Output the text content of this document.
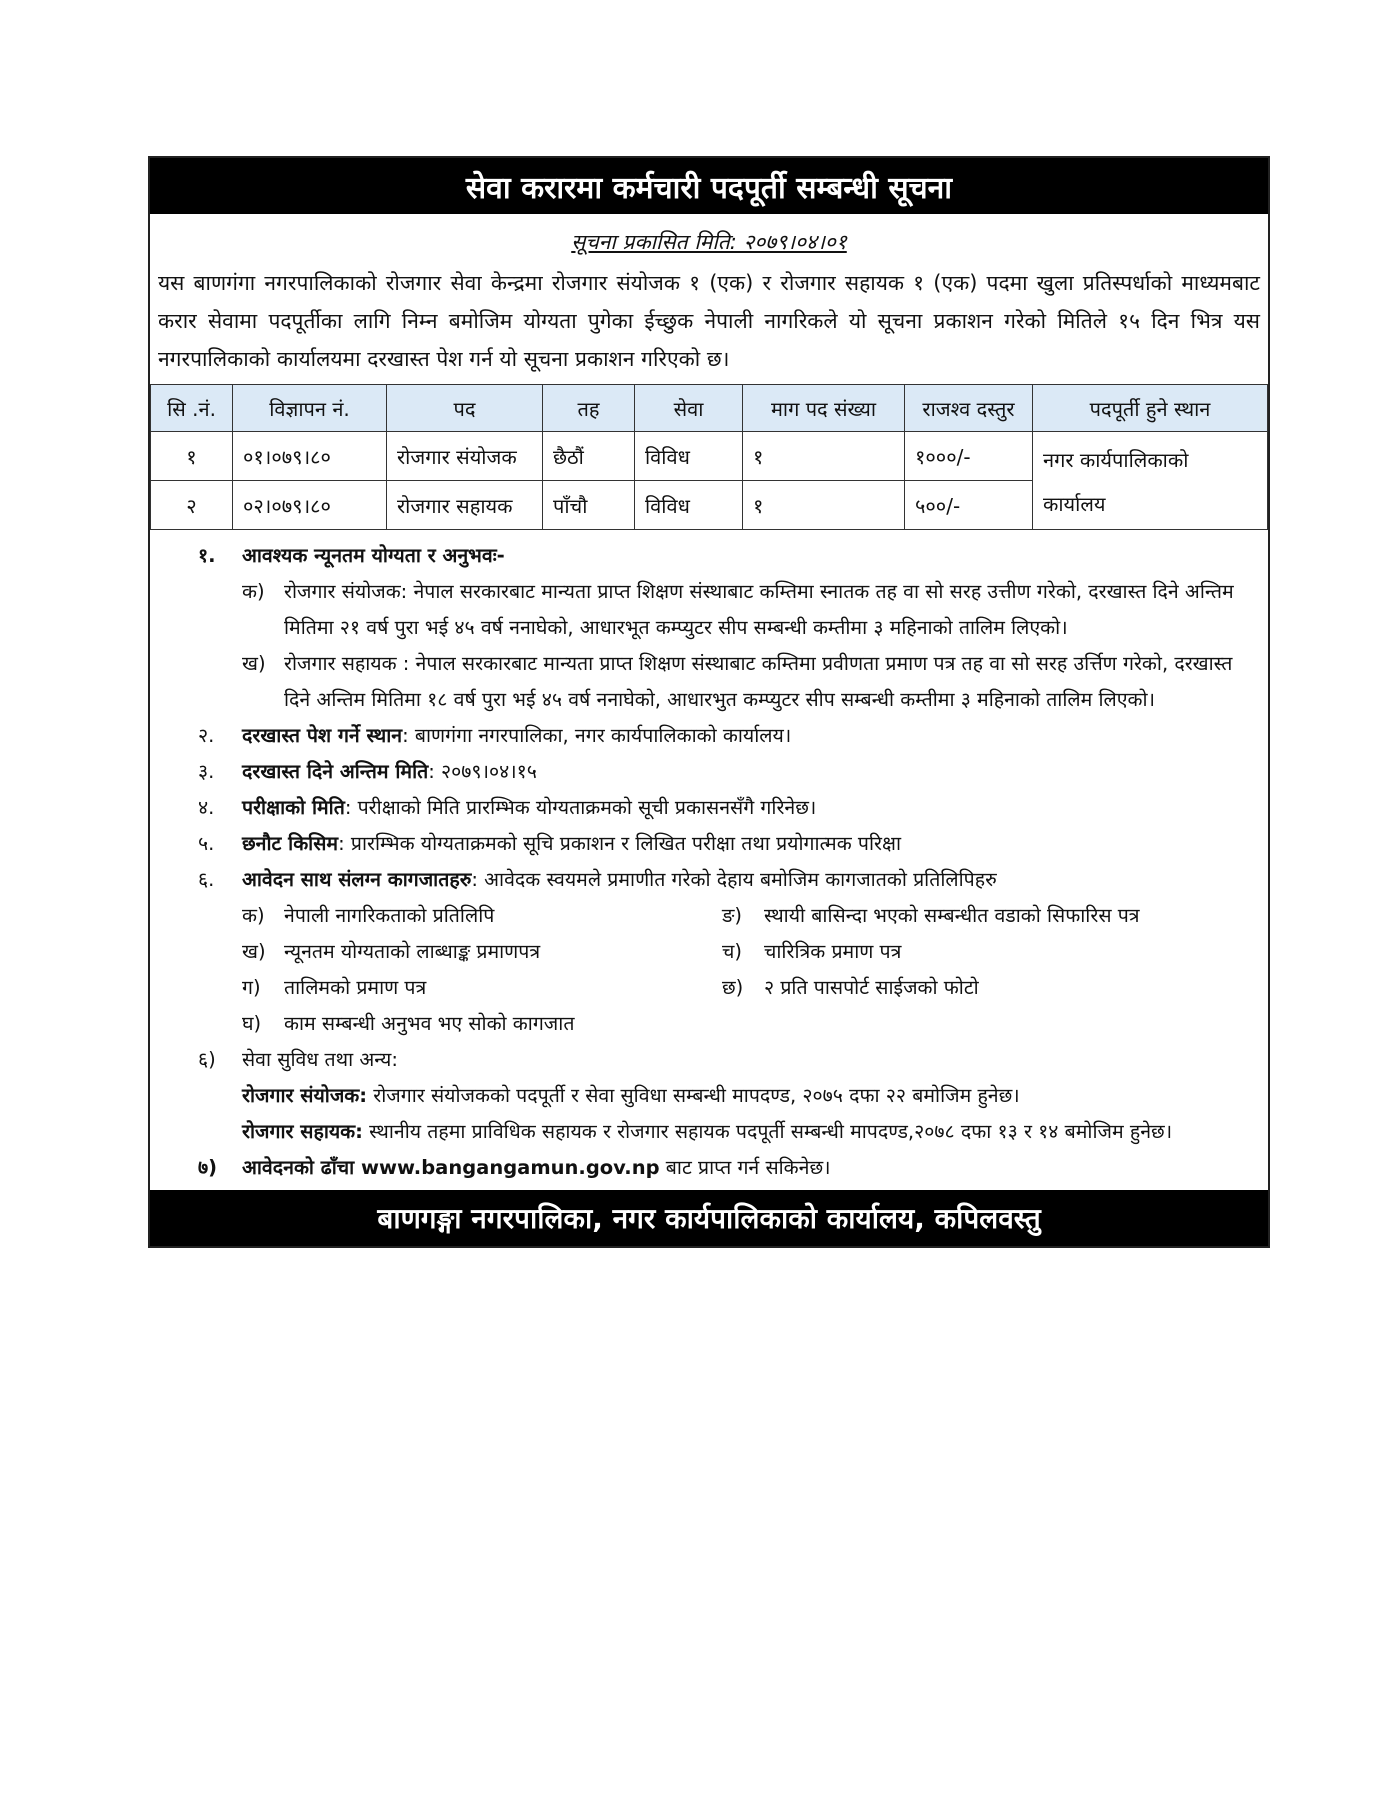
सेवा करारमा कर्मचारी पदपूर्ती सम्बन्धी सूचना
सूचना प्रकासित मिति: २०७९।०४।०१
यस बाणगंगा नगरपालिकाको रोजगार सेवा केन्द्रमा रोजगार संयोजक १ (एक) र रोजगार सहायक १ (एक) पदमा खुला प्रतिस्पर्धाको माध्यमबाट करार सेवामा पदपूर्तीका लागि निम्न बमोजिम योग्यता पुगेका ईच्छुक नेपाली नागरिकले यो सूचना प्रकाशन गरेको मितिले १५ दिन भित्र यस नगरपालिकाको कार्यालयमा दरखास्त पेश गर्न यो सूचना प्रकाशन गरिएको छ।
सि .नं.	विज्ञापन नं.	पद	तह	सेवा	माग पद संख्या	राजश्व दस्तुर	पदपूर्ती हुने स्थान
१	०१।०७९।८०	रोजगार संयोजक	छैठौं	विविध	१	१०००/-	नगर कार्यपालिकाको कार्यालय
२	०२।०७९।८०	रोजगार सहायक	पाँचौ	विविध	१	५००/-	
१.	आवश्यक न्यूनतम योग्यता र अनुभवः-
क) रोजगार संयोजक: नेपाल सरकारबाट मान्यता प्राप्त शिक्षण संस्थाबाट कम्तिमा स्नातक तह वा सो सरह उत्तीण गरेको, दरखास्त दिने अन्तिम मितिमा २१ वर्ष पुरा भई ४५ वर्ष ननाघेको, आधारभूत कम्प्युटर सीप सम्बन्धी कम्तीमा ३ महिनाको तालिम लिएको।
ख) रोजगार सहायक : नेपाल सरकारबाट मान्यता प्राप्त शिक्षण संस्थाबाट कम्तिमा प्रवीणता प्रमाण पत्र तह वा सो सरह उर्त्तिण गरेको, दरखास्त दिने अन्तिम मितिमा १८ वर्ष पुरा भई ४५ वर्ष ननाघेको, आधारभुत कम्प्युटर सीप सम्बन्धी कम्तीमा ३ महिनाको तालिम लिएको।
२.	दरखास्त पेश गर्ने स्थान: बाणगंगा नगरपालिका, नगर कार्यपालिकाको कार्यालय।
३.	दरखास्त दिने अन्तिम मिति: २०७९।०४।१५
४.	परीक्षाको मिति: परीक्षाको मिति प्रारम्भिक योग्यताक्रमको सूची प्रकासनसँगै गरिनेछ।
५.	छनौट किसिम: प्रारम्भिक योग्यताक्रमको सूचि प्रकाशन र लिखित परीक्षा तथा प्रयोगात्मक परिक्षा
६.	आवेदन साथ संलग्न कागजातहरु: आवेदक स्वयमले प्रमाणीत गरेको देहाय बमोजिम कागजातको प्रतिलिपिहरु
क) नेपाली नागरिकताको प्रतिलिपि	ङ)	स्थायी बासिन्दा भएको सम्बन्धीत वडाको सिफारिस पत्र
ख) न्यूनतम योग्यताको लाब्धाङ्क प्रमाणपत्र	च)	चारित्रिक प्रमाण पत्र
ग)	तालिमको प्रमाण पत्र	छ)	२ प्रति पासपोर्ट साईजको फोटो
घ)	काम सम्बन्धी अनुभव भए सोको कागजात
६)	सेवा सुविध तथा अन्य:
रोजगार संयोजक: रोजगार संयोजकको पदपूर्ती र सेवा सुविधा सम्बन्धी मापदण्ड, २०७५ दफा २२ बमोजिम हुनेछ।
रोजगार सहायक: स्थानीय तहमा प्राविधिक सहायक र रोजगार सहायक पदपूर्ती सम्बन्धी मापदण्ड,२०७८ दफा १३ र १४ बमोजिम हुनेछ।
७)	आवेदनको ढाँचा www.bangangamun.gov.np बाट प्राप्त गर्न सकिनेछ।
बाणगङ्गा नगरपालिका, नगर कार्यपालिकाको कार्यालय, कपिलवस्तु
